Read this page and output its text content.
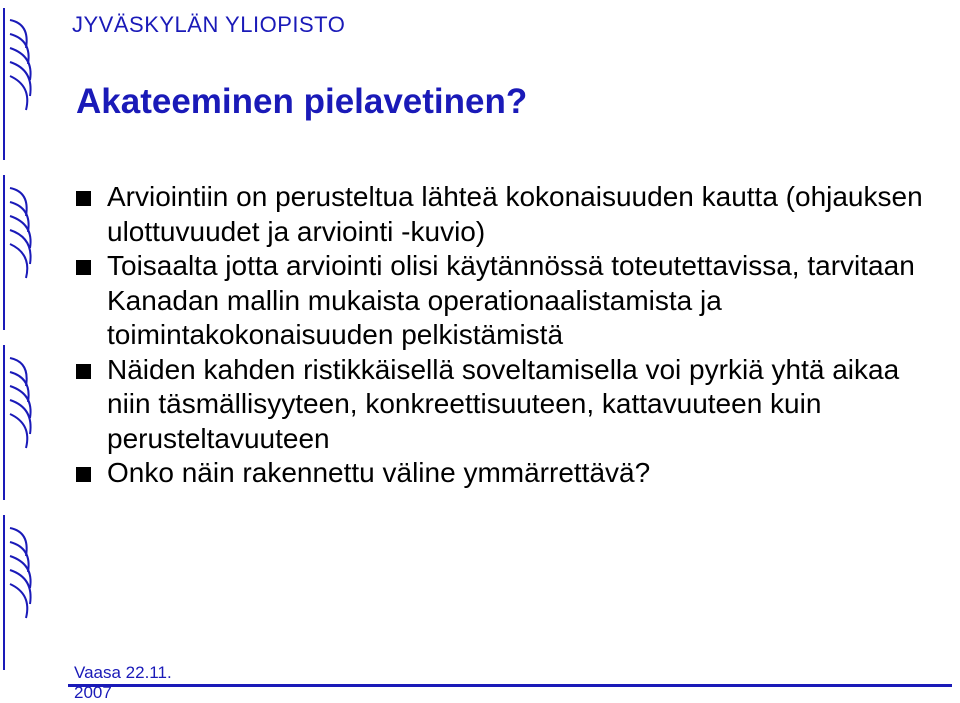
JYVÄSKYLÄN YLIOPISTO
Akateeminen pielavetinen?
Arviointiin on perusteltua lähteä kokonaisuuden kautta (ohjauksen ulottuvuudet ja arviointi -kuvio)
Toisaalta jotta arviointi olisi käytännössä toteutettavissa, tarvitaan Kanadan mallin mukaista operationaalistamista ja toimintakokonaisuuden pelkistämistä
Näiden kahden ristikkäisellä soveltamisella voi pyrkiä yhtä aikaa niin täsmällisyyteen, konkreettisuuteen, kattavuuteen kuin perusteltavuuteen
Onko näin rakennettu väline ymmärrettävä?
Vaasa 22.11. 2007
